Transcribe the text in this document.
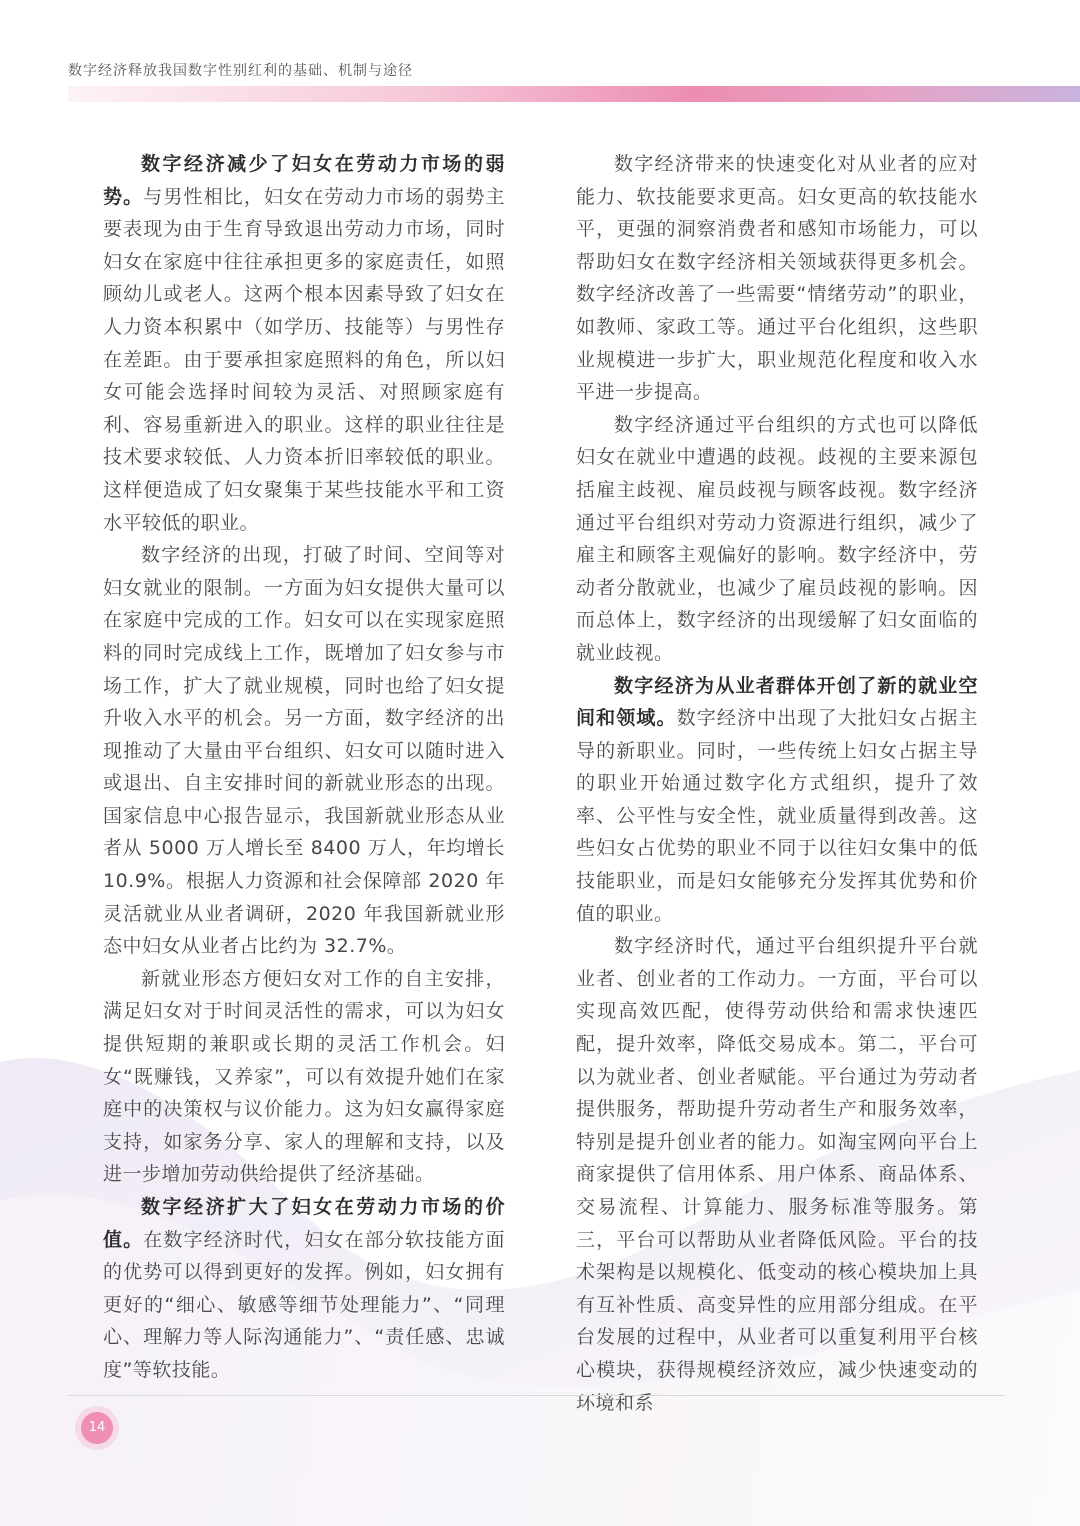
数字经济释放我国数字性别红利的基础、机制与途径

数字经济减少了妇女在劳动力市场的弱势。与男性相比，妇女在劳动力市场的弱势主要表现为由于生育导致退出劳动力市场，同时妇女在家庭中往往承担更多的家庭责任，如照顾幼儿或老人。这两个根本因素导致了妇女在人力资本积累中（如学历、技能等）与男性存在差距。由于要承担家庭照料的角色，所以妇女可能会选择时间较为灵活、对照顾家庭有利、容易重新进入的职业。这样的职业往往是技术要求较低、人力资本折旧率较低的职业。这样便造成了妇女聚集于某些技能水平和工资水平较低的职业。

数字经济的出现，打破了时间、空间等对妇女就业的限制。一方面为妇女提供大量可以在家庭中完成的工作。妇女可以在实现家庭照料的同时完成线上工作，既增加了妇女参与市场工作，扩大了就业规模，同时也给了妇女提升收入水平的机会。另一方面，数字经济的出现推动了大量由平台组织、妇女可以随时进入或退出、自主安排时间的新就业形态的出现。国家信息中心报告显示，我国新就业形态从业者从 5000 万人增长至 8400 万人，年均增长 10.9%。根据人力资源和社会保障部 2020 年灵活就业从业者调研，2020 年我国新就业形态中妇女从业者占比约为 32.7%。

新就业形态方便妇女对工作的自主安排，满足妇女对于时间灵活性的需求，可以为妇女提供短期的兼职或长期的灵活工作机会。妇女“既赚钱，又养家”，可以有效提升她们在家庭中的决策权与议价能力。这为妇女赢得家庭支持，如家务分享、家人的理解和支持，以及进一步增加劳动供给提供了经济基础。

数字经济扩大了妇女在劳动力市场的价值。在数字经济时代，妇女在部分软技能方面的优势可以得到更好的发挥。例如，妇女拥有更好的“细心、敏感等细节处理能力”、“同理心、理解力等人际沟通能力”、“责任感、忠诚度”等软技能。

数字经济带来的快速变化对从业者的应对能力、软技能要求更高。妇女更高的软技能水平，更强的洞察消费者和感知市场能力，可以帮助妇女在数字经济相关领域获得更多机会。数字经济改善了一些需要“情绪劳动”的职业，如教师、家政工等。通过平台化组织，这些职业规模进一步扩大，职业规范化程度和收入水平进一步提高。

数字经济通过平台组织的方式也可以降低妇女在就业中遭遇的歧视。歧视的主要来源包括雇主歧视、雇员歧视与顾客歧视。数字经济通过平台组织对劳动力资源进行组织，减少了雇主和顾客主观偏好的影响。数字经济中，劳动者分散就业，也减少了雇员歧视的影响。因而总体上，数字经济的出现缓解了妇女面临的就业歧视。

数字经济为从业者群体开创了新的就业空间和领域。数字经济中出现了大批妇女占据主导的新职业。同时，一些传统上妇女占据主导的职业开始通过数字化方式组织，提升了效率、公平性与安全性，就业质量得到改善。这些妇女占优势的职业不同于以往妇女集中的低技能职业，而是妇女能够充分发挥其优势和价值的职业。

数字经济时代，通过平台组织提升平台就业者、创业者的工作动力。一方面，平台可以实现高效匹配，使得劳动供给和需求快速匹配，提升效率，降低交易成本。第二，平台可以为就业者、创业者赋能。平台通过为劳动者提供服务，帮助提升劳动者生产和服务效率，特别是提升创业者的能力。如淘宝网向平台上商家提供了信用体系、用户体系、商品体系、交易流程、计算能力、服务标准等服务。第三，平台可以帮助从业者降低风险。平台的技术架构是以规模化、低变动的核心模块加上具有互补性质、高变异性的应用部分组成。在平台发展的过程中，从业者可以重复利用平台核心模块，获得规模经济效应，减少快速变动的环境和系

14
